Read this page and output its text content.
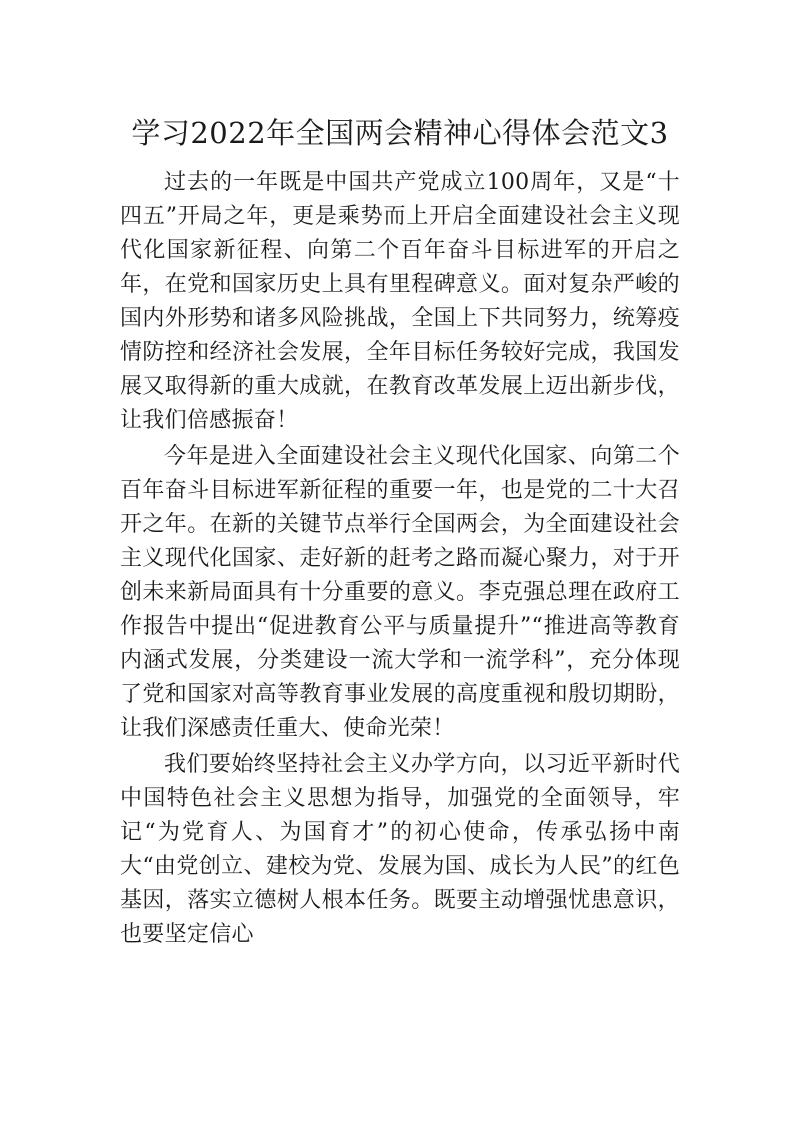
学习2022年全国两会精神心得体会范文3

过去的一年既是中国共产党成立100周年，又是“十四五”开局之年，更是乘势而上开启全面建设社会主义现代化国家新征程、向第二个百年奋斗目标进军的开启之年，在党和国家历史上具有里程碑意义。面对复杂严峻的国内外形势和诸多风险挑战，全国上下共同努力，统筹疫情防控和经济社会发展，全年目标任务较好完成，我国发展又取得新的重大成就，在教育改革发展上迈出新步伐，让我们倍感振奋！

今年是进入全面建设社会主义现代化国家、向第二个百年奋斗目标进军新征程的重要一年，也是党的二十大召开之年。在新的关键节点举行全国两会，为全面建设社会主义现代化国家、走好新的赶考之路而凝心聚力，对于开创未来新局面具有十分重要的意义。李克强总理在政府工作报告中提出“促进教育公平与质量提升”“推进高等教育内涵式发展，分类建设一流大学和一流学科”，充分体现了党和国家对高等教育事业发展的高度重视和殷切期盼，让我们深感责任重大、使命光荣！

我们要始终坚持社会主义办学方向，以习近平新时代中国特色社会主义思想为指导，加强党的全面领导，牢记“为党育人、为国育才”的初心使命，传承弘扬中南大“由党创立、建校为党、发展为国、成长为人民”的红色基因，落实立德树人根本任务。既要主动增强忧患意识，也要坚定信心
